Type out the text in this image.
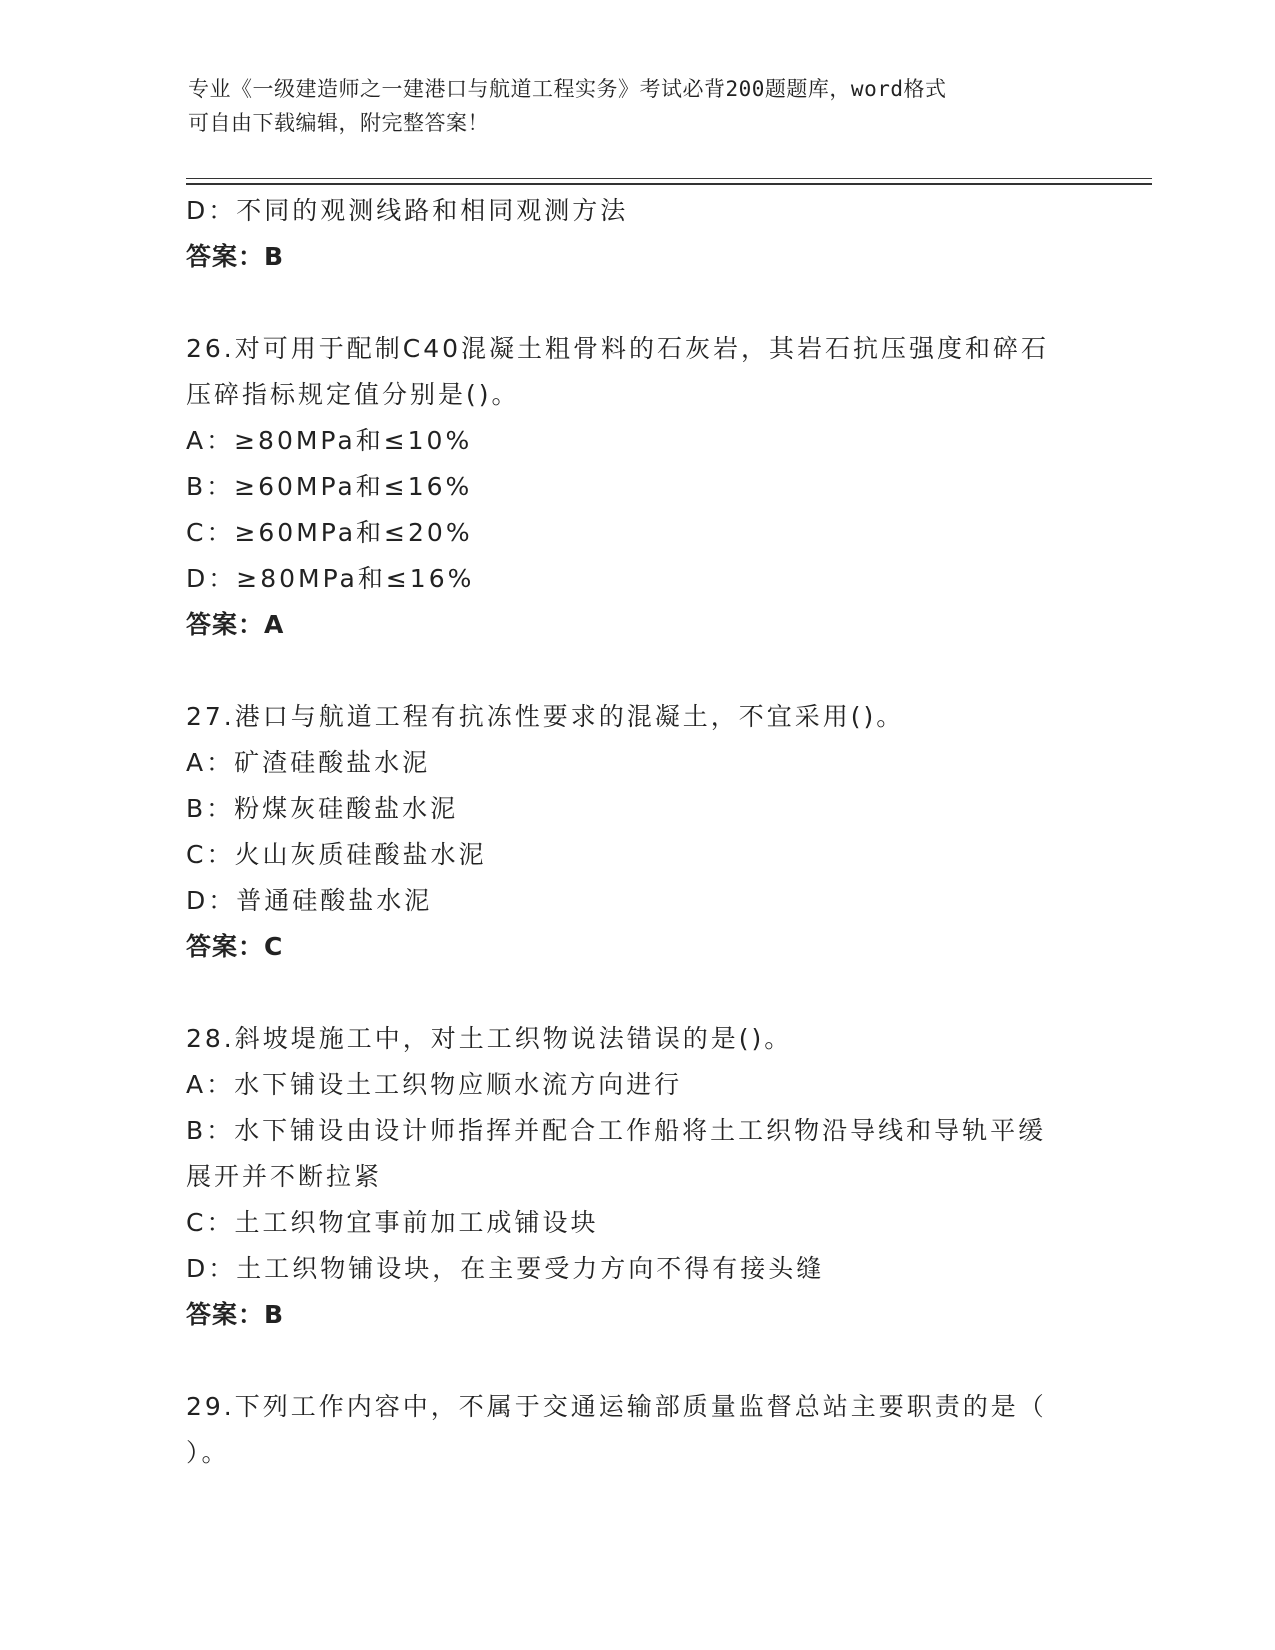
专业《一级建造师之一建港口与航道工程实务》考试必背200题题库，word格式
可自由下载编辑，附完整答案！
D：不同的观测线路和相同观测方法
答案：B
26.对可用于配制C40混凝土粗骨料的石灰岩，其岩石抗压强度和碎石
压碎指标规定值分别是()。
A：≥80MPa和≤10%
B：≥60MPa和≤16%
C：≥60MPa和≤20%
D：≥80MPa和≤16%
答案：A
27.港口与航道工程有抗冻性要求的混凝土，不宜采用()。
A：矿渣硅酸盐水泥
B：粉煤灰硅酸盐水泥
C：火山灰质硅酸盐水泥
D：普通硅酸盐水泥
答案：C
28.斜坡堤施工中，对土工织物说法错误的是()。
A：水下铺设土工织物应顺水流方向进行
B：水下铺设由设计师指挥并配合工作船将土工织物沿导线和导轨平缓
展开并不断拉紧
C：土工织物宜事前加工成铺设块
D：土工织物铺设块，在主要受力方向不得有接头缝
答案：B
29.下列工作内容中，不属于交通运输部质量监督总站主要职责的是（
）。
